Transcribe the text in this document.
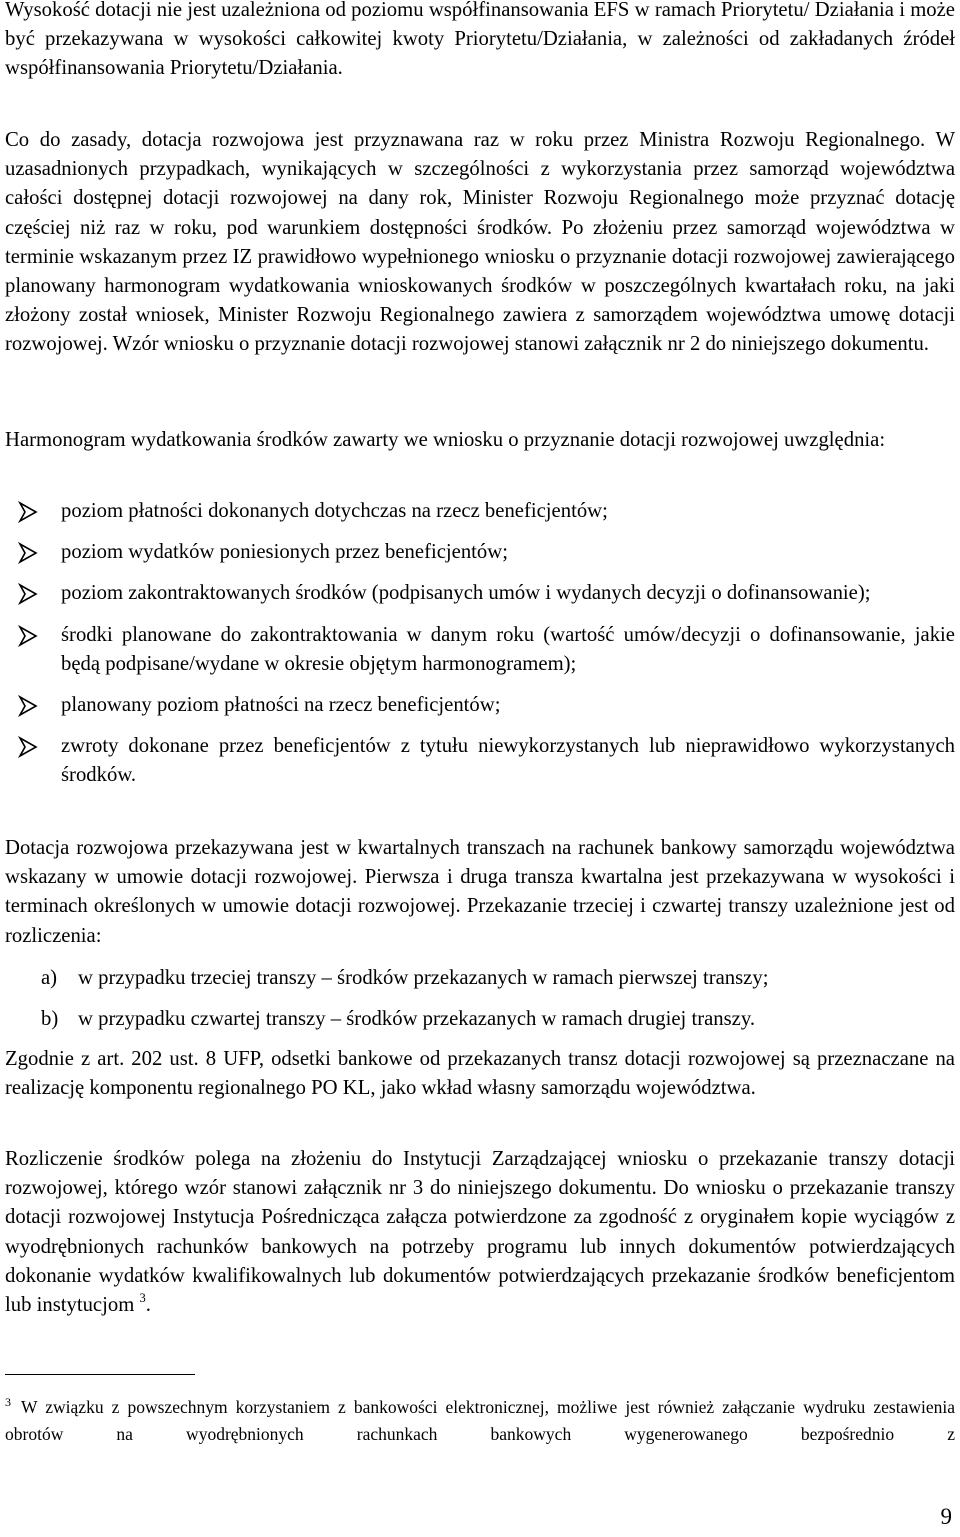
Wysokość dotacji nie jest uzależniona od poziomu współfinansowania EFS w ramach Priorytetu/ Działania i może być przekazywana w wysokości całkowitej kwoty Priorytetu/Działania, w zależności od zakładanych źródeł współfinansowania Priorytetu/Działania.

Co do zasady, dotacja rozwojowa jest przyznawana raz w roku przez Ministra Rozwoju Regionalnego. W uzasadnionych przypadkach, wynikających w szczególności z wykorzystania przez samorząd województwa całości dostępnej dotacji rozwojowej na dany rok, Minister Rozwoju Regionalnego może przyznać dotację częściej niż raz w roku, pod warunkiem dostępności środków. Po złożeniu przez samorząd województwa w terminie wskazanym przez IZ prawidłowo wypełnionego wniosku o przyznanie dotacji rozwojowej zawierającego planowany harmonogram wydatkowania wnioskowanych środków w poszczególnych kwartałach roku, na jaki złożony został wniosek, Minister Rozwoju Regionalnego zawiera z samorządem województwa umowę dotacji rozwojowej. Wzór wniosku o przyznanie dotacji rozwojowej stanowi załącznik nr 2 do niniejszego dokumentu.

Harmonogram wydatkowania środków zawarty we wniosku o przyznanie dotacji rozwojowej uwzględnia:

poziom płatności dokonanych dotychczas na rzecz beneficjentów;
poziom wydatków poniesionych przez beneficjentów;
poziom zakontraktowanych środków (podpisanych umów i wydanych decyzji o dofinansowanie);
środki planowane do zakontraktowania w danym roku (wartość umów/decyzji o dofinansowanie, jakie będą podpisane/wydane w okresie objętym harmonogramem);
planowany poziom płatności na rzecz beneficjentów;
zwroty dokonane przez beneficjentów z tytułu niewykorzystanych lub nieprawidłowo wykorzystanych środków.

Dotacja rozwojowa przekazywana jest w kwartalnych transzach na rachunek bankowy samorządu województwa wskazany w umowie dotacji rozwojowej. Pierwsza i druga transza kwartalna jest przekazywana w wysokości i terminach określonych w umowie dotacji rozwojowej. Przekazanie trzeciej i czwartej transzy uzależnione jest od rozliczenia:

a) w przypadku trzeciej transzy – środków przekazanych w ramach pierwszej transzy;
b) w przypadku czwartej transzy – środków przekazanych w ramach drugiej transzy.

Zgodnie z art. 202 ust. 8 UFP, odsetki bankowe od przekazanych transz dotacji rozwojowej są przeznaczane na realizację komponentu regionalnego PO KL, jako wkład własny samorządu województwa.

Rozliczenie środków polega na złożeniu do Instytucji Zarządzającej wniosku o przekazanie transzy dotacji rozwojowej, którego wzór stanowi załącznik nr 3 do niniejszego dokumentu. Do wniosku o przekazanie transzy dotacji rozwojowej Instytucja Pośrednicząca załącza potwierdzone za zgodność z oryginałem kopie wyciągów z wyodrębnionych rachunków bankowych na potrzeby programu lub innych dokumentów potwierdzających dokonanie wydatków kwalifikowalnych lub dokumentów potwierdzających przekazanie środków beneficjentom lub instytucjom $^3$.

$^3$ W związku z powszechnym korzystaniem z bankowości elektronicznej, możliwe jest również załączanie wydruku zestawienia obrotów na wyodrębnionych rachunkach bankowych wygenerowanego bezpośrednio z

9
